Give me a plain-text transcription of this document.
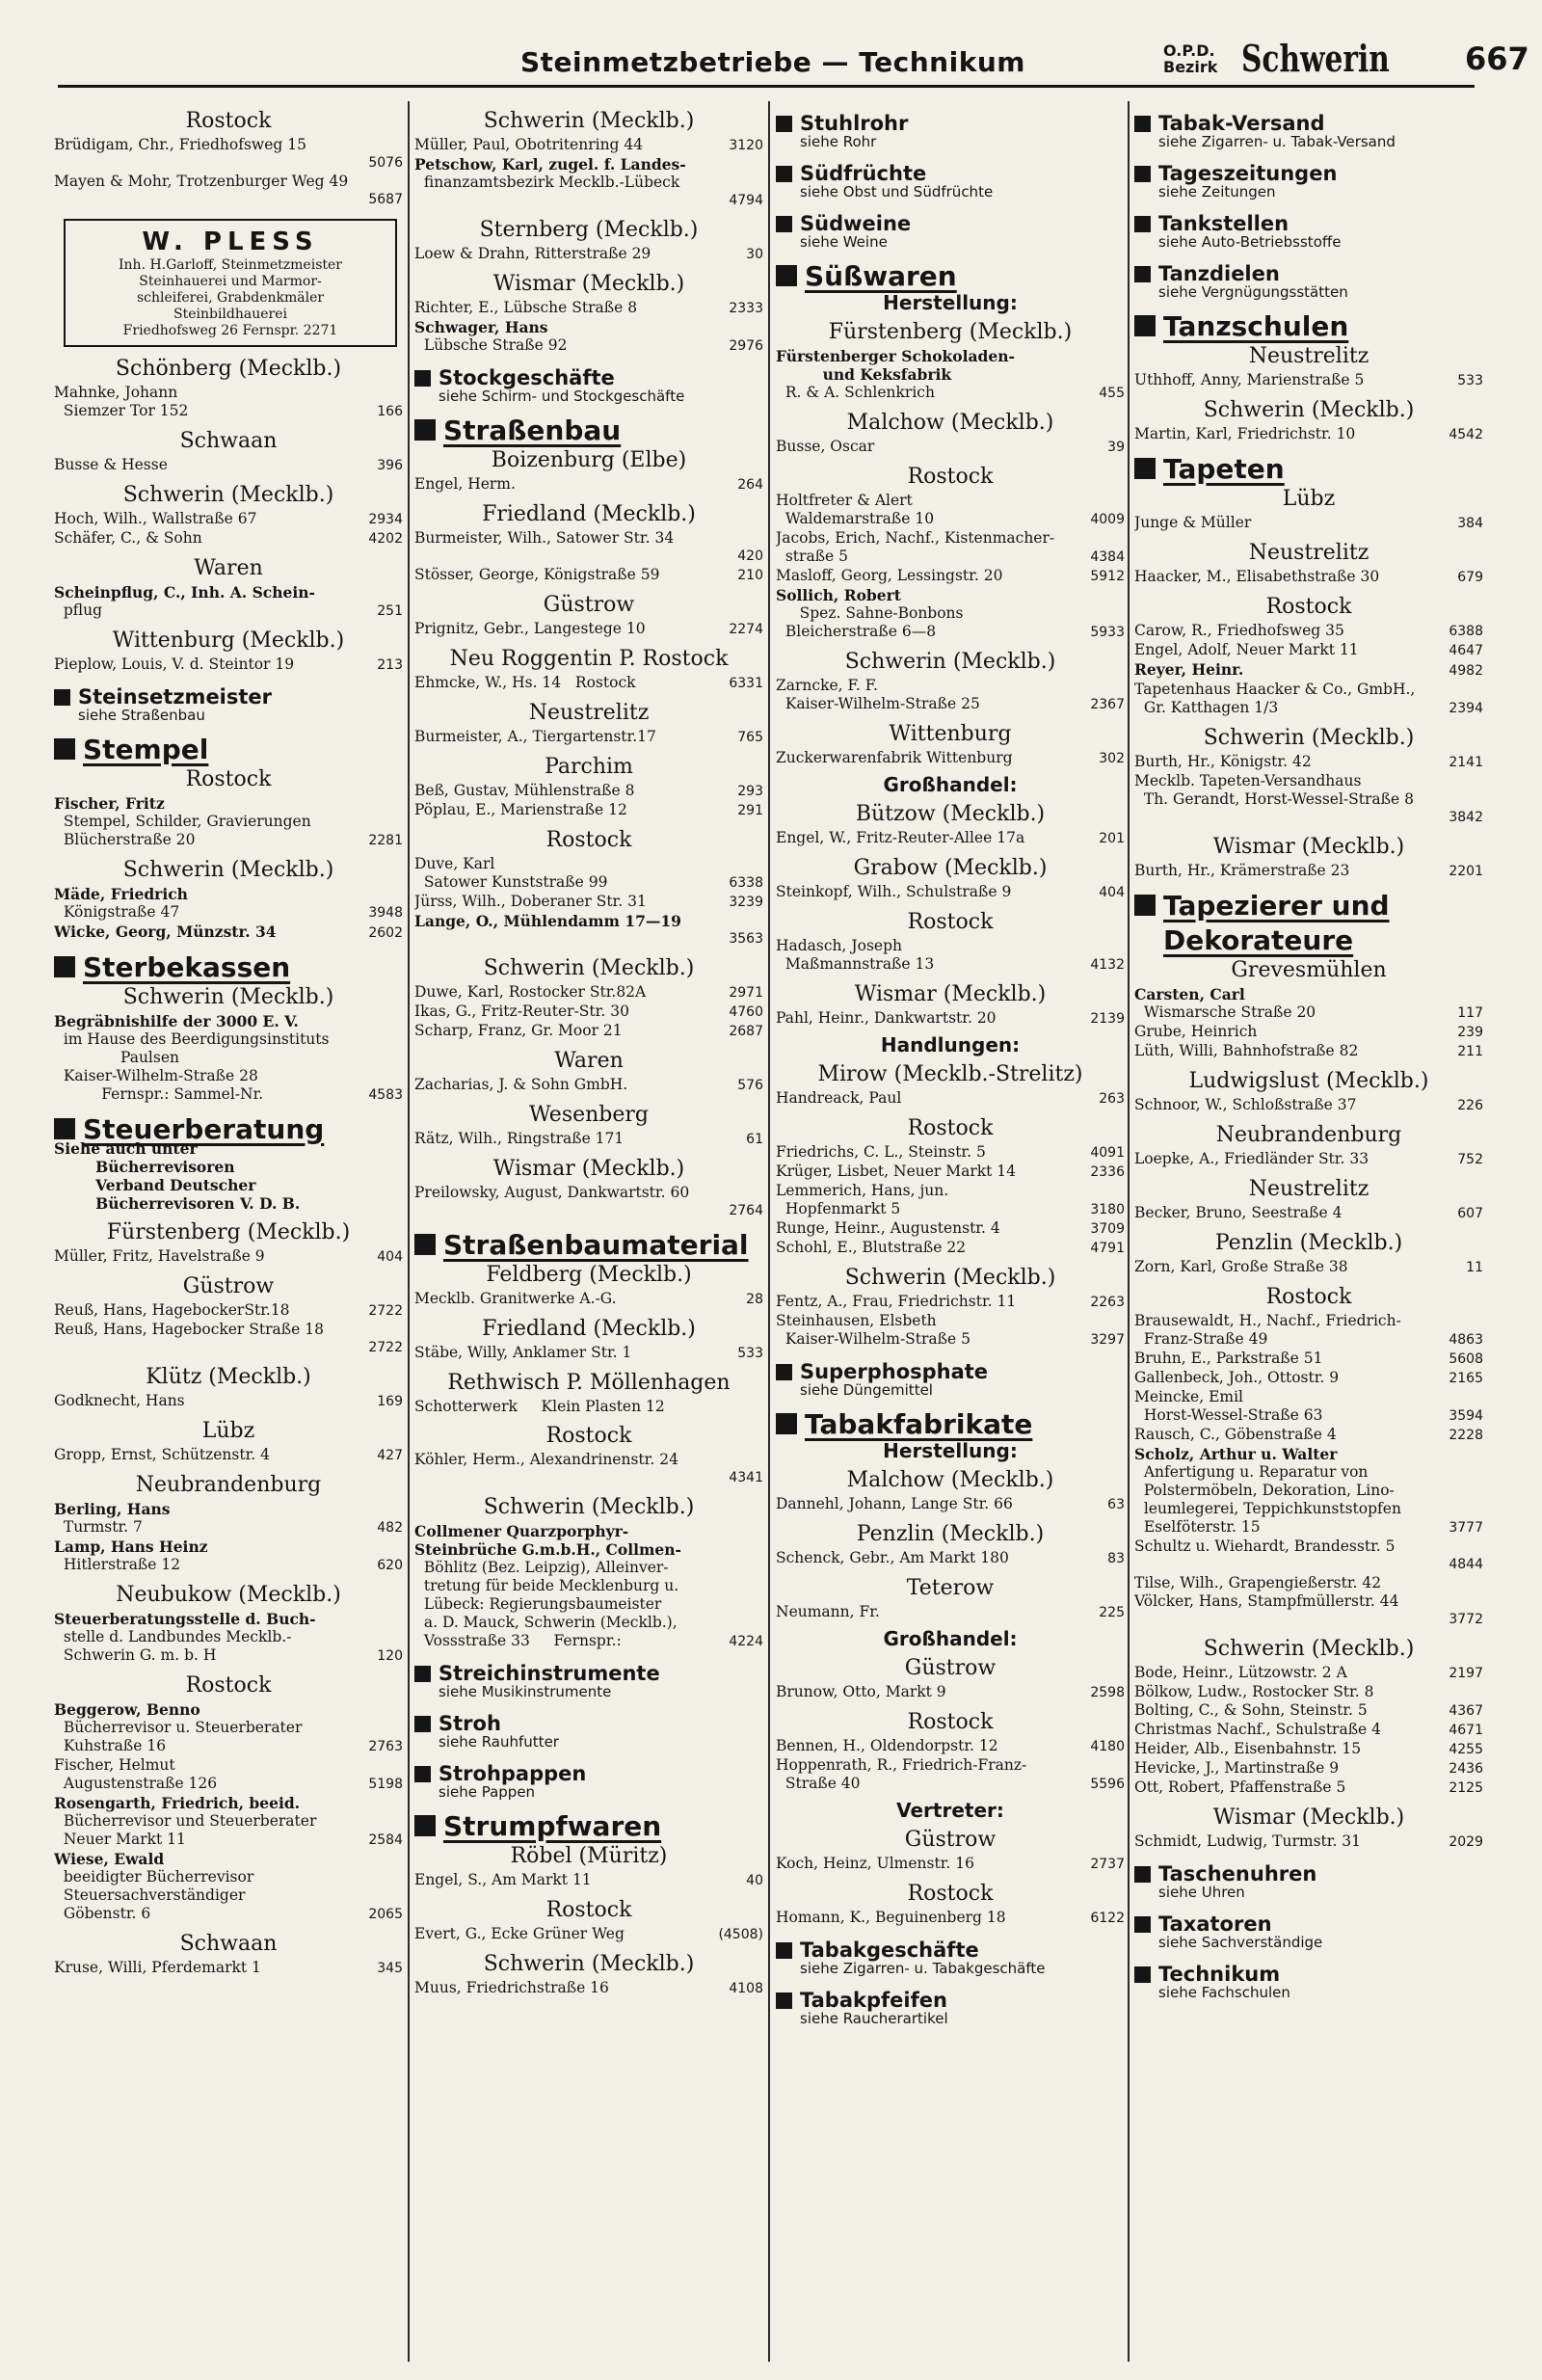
Steinmetzbetriebe — Technikum	O.P.D.
Bezirk Schwerin 667
Rostock
Brüdigam, Chr., Friedhofsweg 15
5076
Mayen & Mohr, Trotzenburger Weg 49
5687
W. PLESS
Inh. H.Garloff, Steinmetzmeister
Steinhauerei und Marmor-
schleiferei, Grabdenkmäler
Steinbildhauerei
Friedhofsweg 26 Fernspr. 2271
Schönberg (Mecklb.)
Mahnke, Johann
Siemzer Tor 152	166
Schwaan
Busse & Hesse	396
Schwerin (Mecklb.)
Hoch, Wilh., Wallstraße 67	2934
Schäfer, C., & Sohn	4202
Waren
Scheinpflug, C., Inh. A. Schein-
pflug	251
Wittenburg (Mecklb.)
Pieplow, Louis, V. d. Steintor 19	213
Steinsetzmeister
siehe Straßenbau
Stempel
Rostock
Fischer, Fritz
Stempel, Schilder, Gravierungen
Blücherstraße 20	2281
Schwerin (Mecklb.)
Mäde, Friedrich
Königstraße 47	3948
Wicke, Georg, Münzstr. 34	2602
Sterbekassen
Schwerin (Mecklb.)
Begräbnishilfe der 3000 E. V.
im Hause des Beerdigungsinstituts
Paulsen
Kaiser-Wilhelm-Straße 28
Fernspr.: Sammel-Nr.	4583
Steuerberatung
Siehe auch unter
Bücherrevisoren
Verband Deutscher
Bücherrevisoren V. D. B.
Fürstenberg (Mecklb.)
Müller, Fritz, Havelstraße 9	404
Güstrow
Reuß, Hans, HagebockerStr.18	2722
Reuß, Hans, Hagebocker Straße 18
2722
Klütz (Mecklb.)
Godknecht, Hans	169
Lübz
Gropp, Ernst, Schützenstr. 4	427
Neubrandenburg
Berling, Hans
Turmstr. 7	482
Lamp, Hans Heinz
Hitlerstraße 12	620
Neubukow (Mecklb.)
Steuerberatungsstelle d. Buch-
stelle d. Landbundes Mecklb.-
Schwerin G. m. b. H	120
Rostock
Beggerow, Benno
Bücherrevisor u. Steuerberater
Kuhstraße 16	2763
Fischer, Helmut
Augustenstraße 126	5198
Rosengarth, Friedrich, beeid.
Bücherrevisor und Steuerberater
Neuer Markt 11	2584
Wiese, Ewald
beeidigter Bücherrevisor
Steuersachverständiger
Göbenstr. 6	2065
Schwaan
Kruse, Willi, Pferdemarkt 1	345
Schwerin (Mecklb.)
Müller, Paul, Obotritenring 44	3120
Petschow, Karl, zugel. f. Landes-
finanzamtsbezirk Mecklb.-Lübeck
4794
Sternberg (Mecklb.)
Loew & Drahn, Ritterstraße 29	30
Wismar (Mecklb.)
Richter, E., Lübsche Straße 8	2333
Schwager, Hans
Lübsche Straße 92	2976
Stockgeschäfte
siehe Schirm- und Stockgeschäfte
Straßenbau
Boizenburg (Elbe)
Engel, Herm.	264
Friedland (Mecklb.)
Burmeister, Wilh., Satower Str. 34
420
Stösser, George, Königstraße 59	210
Güstrow
Prignitz, Gebr., Langestege 10	2274
Neu Roggentin P. Rostock
Ehmcke, W., Hs. 14   Rostock	6331
Neustrelitz
Burmeister, A., Tiergartenstr.17	765
Parchim
Beß, Gustav, Mühlenstraße 8	293
Pöplau, E., Marienstraße 12	291
Rostock
Duve, Karl
Satower Kunststraße 99	6338
Jürss, Wilh., Doberaner Str. 31	3239
Lange, O., Mühlendamm 17—19
3563
Schwerin (Mecklb.)
Duwe, Karl, Rostocker Str.82A	2971
Ikas, G., Fritz-Reuter-Str. 30	4760
Scharp, Franz, Gr. Moor 21	2687
Waren
Zacharias, J. & Sohn GmbH.	576
Wesenberg
Rätz, Wilh., Ringstraße 171	61
Wismar (Mecklb.)
Preilowsky, August, Dankwartstr. 60
2764
Straßenbaumaterial
Feldberg (Mecklb.)
Mecklb. Granitwerke A.-G.	28
Friedland (Mecklb.)
Stäbe, Willy, Anklamer Str. 1	533
Rethwisch P. Möllenhagen
Schotterwerk     Klein Plasten 12
Rostock
Köhler, Herm., Alexandrinenstr. 24
4341
Schwerin (Mecklb.)
Collmener Quarzporphyr-
Steinbrüche G.m.b.H., Collmen-
Böhlitz (Bez. Leipzig), Alleinver-
tretung für beide Mecklenburg u.
Lübeck: Regierungsbaumeister
a. D. Mauck, Schwerin (Mecklb.),
Vossstraße 33     Fernspr.:	4224
Streichinstrumente
siehe Musikinstrumente
Stroh
siehe Rauhfutter
Strohpappen
siehe Pappen
Strumpfwaren
Röbel (Müritz)
Engel, S., Am Markt 11	40
Rostock
Evert, G., Ecke Grüner Weg	(4508)
Schwerin (Mecklb.)
Muus, Friedrichstraße 16	4108
Stuhlrohr
siehe Rohr
Südfrüchte
siehe Obst und Südfrüchte
Südweine
siehe Weine
Süßwaren
Herstellung:
Fürstenberg (Mecklb.)
Fürstenberger Schokoladen-
und Keksfabrik
R. & A. Schlenkrich	455
Malchow (Mecklb.)
Busse, Oscar	39
Rostock
Holtfreter & Alert
Waldemarstraße 10	4009
Jacobs, Erich, Nachf., Kistenmacher-
straße 5	4384
Masloff, Georg, Lessingstr. 20	5912
Sollich, Robert
Spez. Sahne-Bonbons
Bleicherstraße 6—8	5933
Schwerin (Mecklb.)
Zarncke, F. F.
Kaiser-Wilhelm-Straße 25	2367
Wittenburg
Zuckerwarenfabrik Wittenburg	302
Großhandel:
Bützow (Mecklb.)
Engel, W., Fritz-Reuter-Allee 17a	201
Grabow (Mecklb.)
Steinkopf, Wilh., Schulstraße 9	404
Rostock
Hadasch, Joseph
Maßmannstraße 13	4132
Wismar (Mecklb.)
Pahl, Heinr., Dankwartstr. 20	2139
Handlungen:
Mirow (Mecklb.-Strelitz)
Handreack, Paul	263
Rostock
Friedrichs, C. L., Steinstr. 5	4091
Krüger, Lisbet, Neuer Markt 14	2336
Lemmerich, Hans, jun.
Hopfenmarkt 5	3180
Runge, Heinr., Augustenstr. 4	3709
Schohl, E., Blutstraße 22	4791
Schwerin (Mecklb.)
Fentz, A., Frau, Friedrichstr. 11	2263
Steinhausen, Elsbeth
Kaiser-Wilhelm-Straße 5	3297
Superphosphate
siehe Düngemittel
Tabakfabrikate
Herstellung:
Malchow (Mecklb.)
Dannehl, Johann, Lange Str. 66	63
Penzlin (Mecklb.)
Schenck, Gebr., Am Markt 180	83
Teterow
Neumann, Fr.	225
Großhandel:
Güstrow
Brunow, Otto, Markt 9	2598
Rostock
Bennen, H., Oldendorpstr. 12	4180
Hoppenrath, R., Friedrich-Franz-
Straße 40	5596
Vertreter:
Güstrow
Koch, Heinz, Ulmenstr. 16	2737
Rostock
Homann, K., Beguinenberg 18	6122
Tabakgeschäfte
siehe Zigarren- u. Tabakgeschäfte
Tabakpfeifen
siehe Raucherartikel
Tabak-Versand
siehe Zigarren- u. Tabak-Versand
Tageszeitungen
siehe Zeitungen
Tankstellen
siehe Auto-Betriebsstoffe
Tanzdielen
siehe Vergnügungsstätten
Tanzschulen
Neustrelitz
Uthhoff, Anny, Marienstraße 5	533
Schwerin (Mecklb.)
Martin, Karl, Friedrichstr. 10	4542
Tapeten
Lübz
Junge & Müller	384
Neustrelitz
Haacker, M., Elisabethstraße 30	679
Rostock
Carow, R., Friedhofsweg 35	6388
Engel, Adolf, Neuer Markt 11	4647
Reyer, Heinr.	4982
Tapetenhaus Haacker & Co., GmbH.,
Gr. Katthagen 1/3	2394
Schwerin (Mecklb.)
Burth, Hr., Königstr. 42	2141
Mecklb. Tapeten-Versandhaus
Th. Gerandt, Horst-Wessel-Straße 8
3842
Wismar (Mecklb.)
Burth, Hr., Krämerstraße 23	2201
Tapezierer und
Dekorateure
Grevesmühlen
Carsten, Carl
Wismarsche Straße 20	117
Grube, Heinrich	239
Lüth, Willi, Bahnhofstraße 82	211
Ludwigslust (Mecklb.)
Schnoor, W., Schloßstraße 37	226
Neubrandenburg
Loepke, A., Friedländer Str. 33	752
Neustrelitz
Becker, Bruno, Seestraße 4	607
Penzlin (Mecklb.)
Zorn, Karl, Große Straße 38	11
Rostock
Brausewaldt, H., Nachf., Friedrich-
Franz-Straße 49	4863
Bruhn, E., Parkstraße 51	5608
Gallenbeck, Joh., Ottostr. 9	2165
Meincke, Emil
Horst-Wessel-Straße 63	3594
Rausch, C., Göbenstraße 4	2228
Scholz, Arthur u. Walter
Anfertigung u. Reparatur von
Polstermöbeln, Dekoration, Lino-
leumlegerei, Teppichkunststopfen
Eselföterstr. 15	3777
Schultz u. Wiehardt, Brandesstr. 5
4844
Tilse, Wilh., Grapengießerstr. 42
Völcker, Hans, Stampfmüllerstr. 44
3772
Schwerin (Mecklb.)
Bode, Heinr., Lützowstr. 2 A	2197
Bölkow, Ludw., Rostocker Str. 8
Bolting, C., & Sohn, Steinstr. 5	4367
Christmas Nachf., Schulstraße 4	4671
Heider, Alb., Eisenbahnstr. 15	4255
Hevicke, J., Martinstraße 9	2436
Ott, Robert, Pfaffenstraße 5	2125
Wismar (Mecklb.)
Schmidt, Ludwig, Turmstr. 31	2029
Taschenuhren
siehe Uhren
Taxatoren
siehe Sachverständige
Technikum
siehe Fachschulen
